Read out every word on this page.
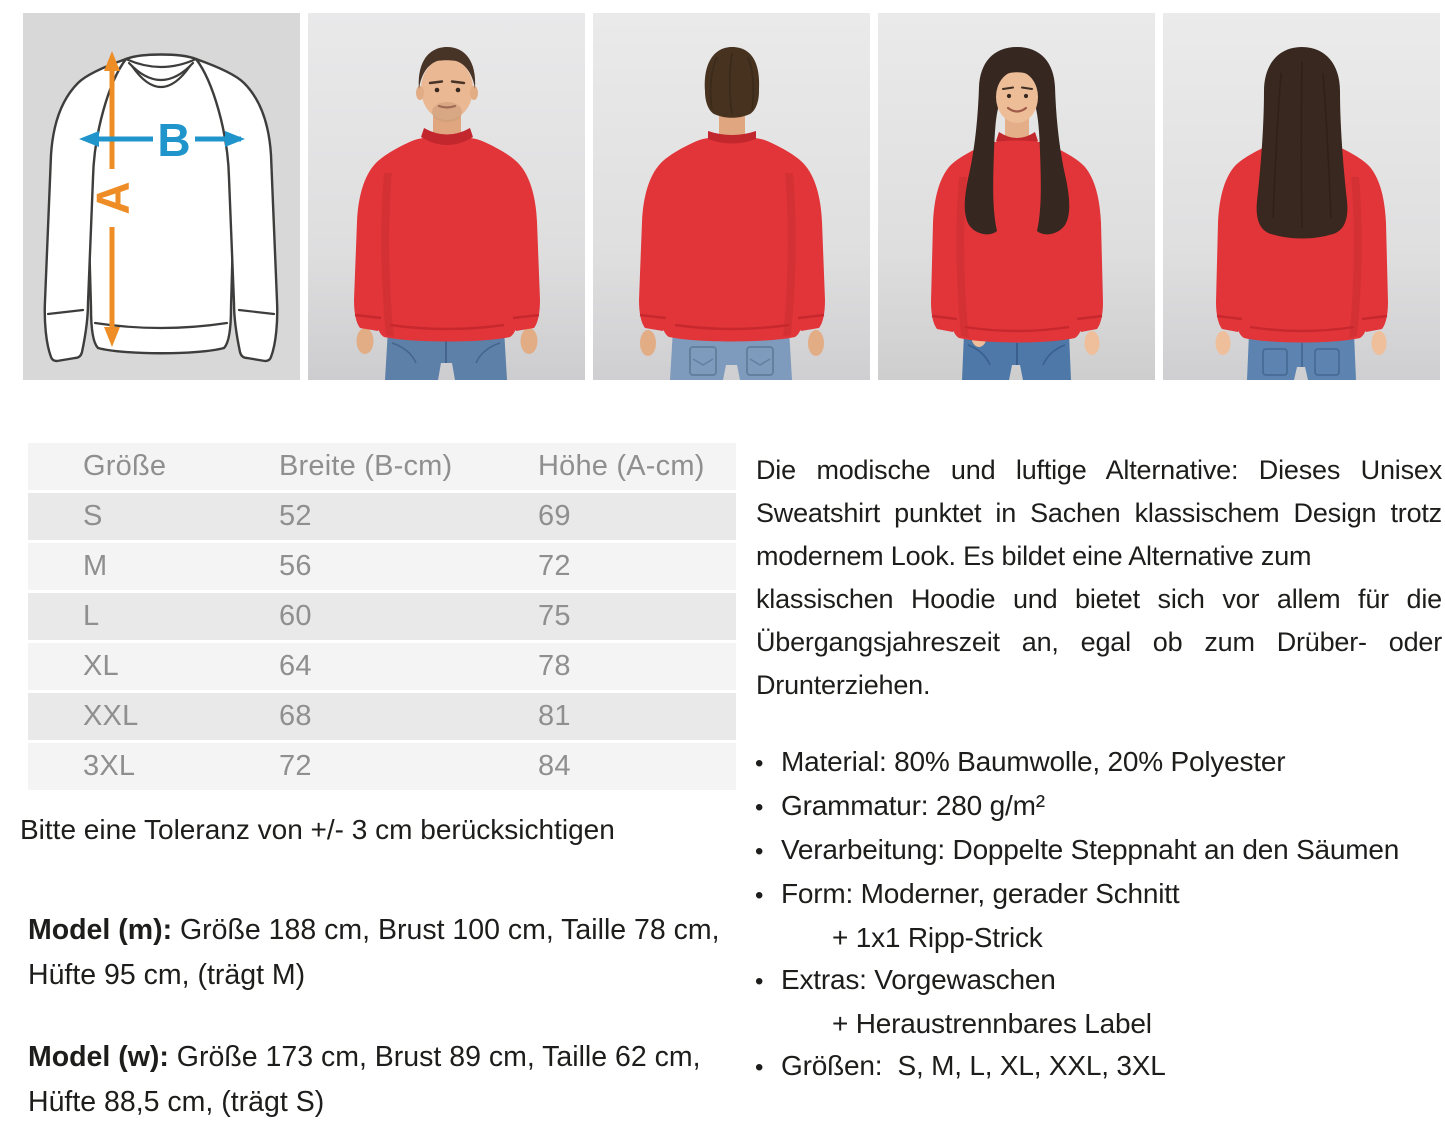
A
B
Größe	Breite (B-cm)	Höhe (A-cm)
S	52	69
M	56	72
L	60	75
XL	64	78
XXL	68	81
3XL	72	84
Bitte eine Toleranz von +/- 3 cm berücksichtigen
Model (m): Größe 188 cm, Brust 100 cm, Taille 78 cm,
Hüfte 95 cm, (trägt M)
Model (w): Größe 173 cm, Brust 89 cm, Taille 62 cm,
Hüfte 88,5 cm, (trägt S)
Die modische und luftige Alternative: Dieses Unisex
Sweatshirt punktet in Sachen klassischem Design trotz
modernem Look. Es bildet eine Alternative zum
klassischen Hoodie und bietet sich vor allem für die
Übergangsjahreszeit an, egal ob zum Drüber- oder
Drunterziehen.
• Material: 80% Baumwolle, 20% Polyester
• Grammatur: 280 g/m²
• Verarbeitung: Doppelte Steppnaht an den Säumen
• Form: Moderner, gerader Schnitt
+ 1x1 Ripp-Strick
• Extras: Vorgewaschen
+ Heraustrennbares Label
• Größen:  S, M, L, XL, XXL, 3XL
